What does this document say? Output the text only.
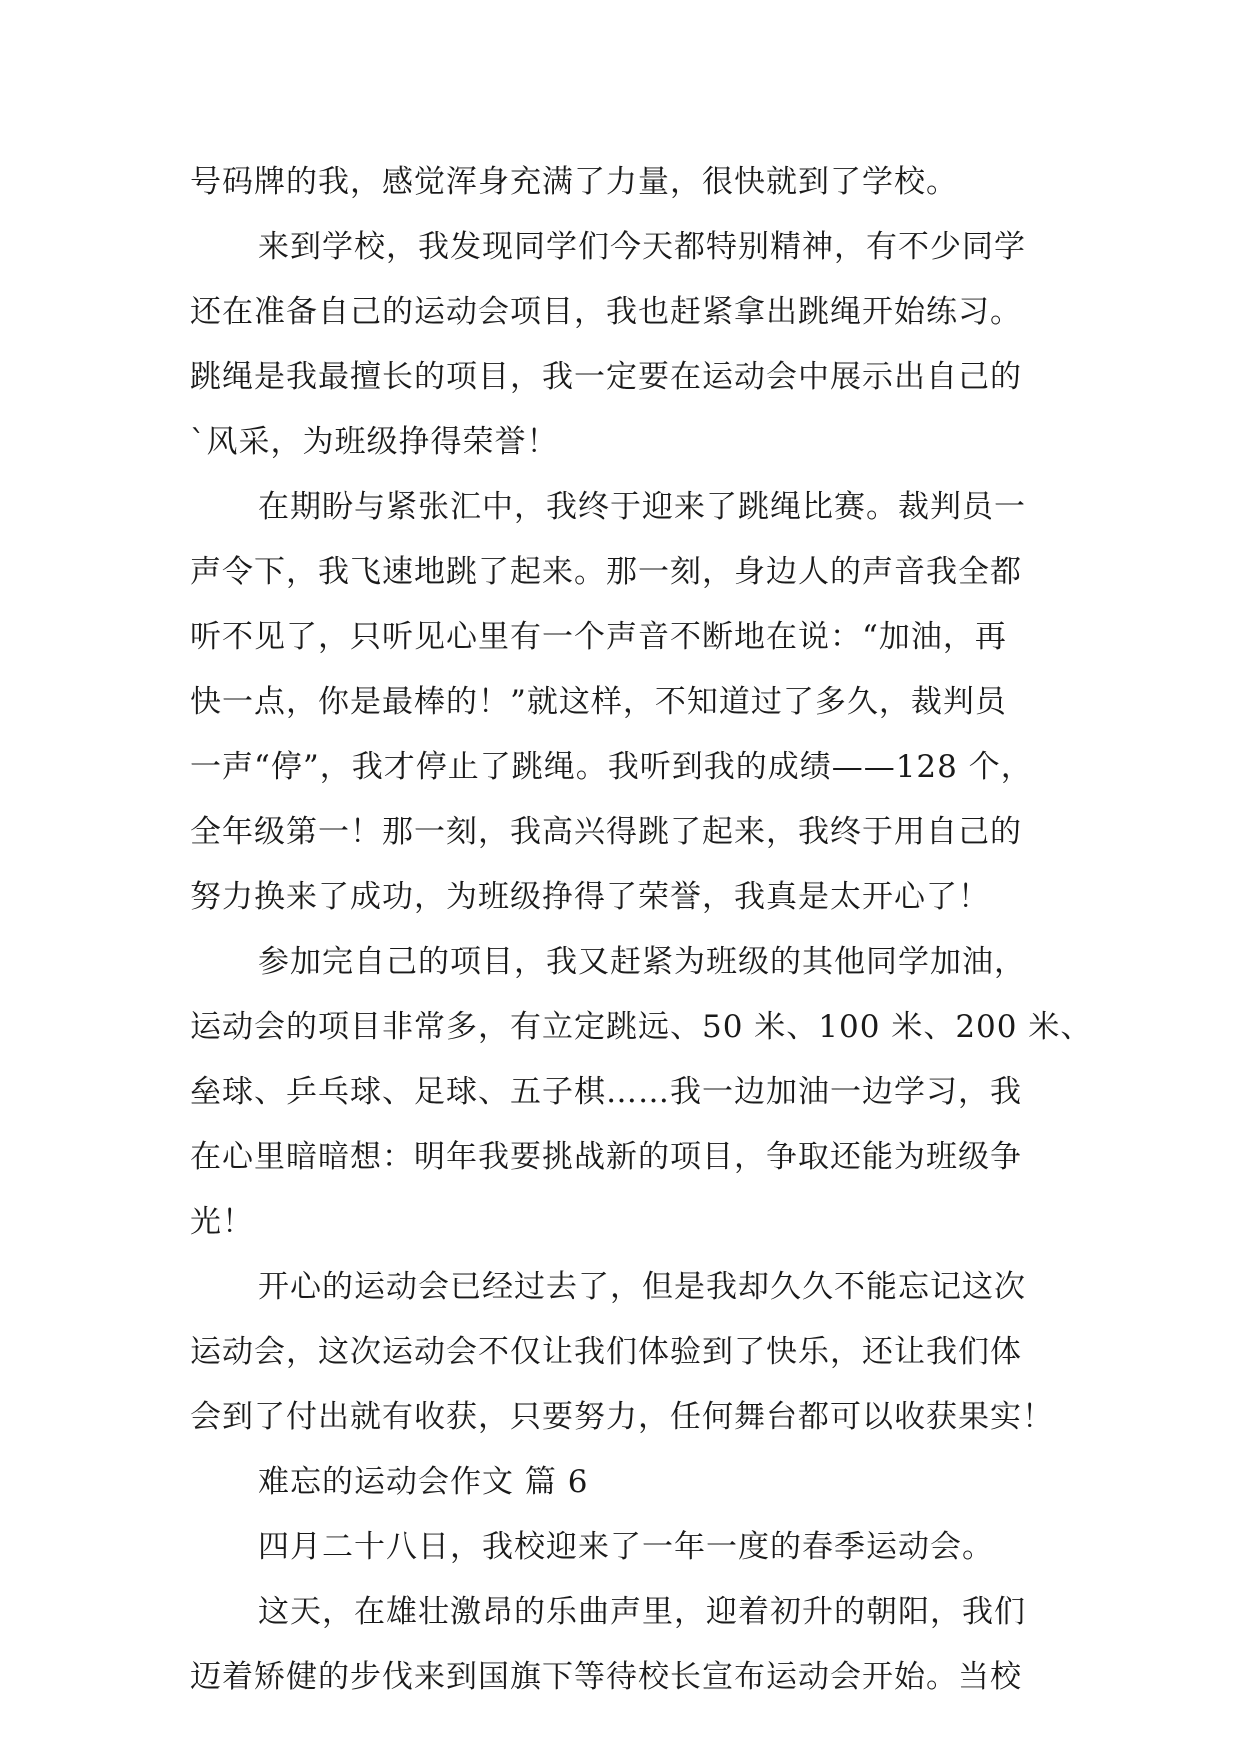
号码牌的我，感觉浑身充满了力量，很快就到了学校。
来到学校，我发现同学们今天都特别精神，有不少同学
还在准备自己的运动会项目，我也赶紧拿出跳绳开始练习。
跳绳是我最擅长的项目，我一定要在运动会中展示出自己的
`风采，为班级挣得荣誉！
在期盼与紧张汇中，我终于迎来了跳绳比赛。裁判员一
声令下，我飞速地跳了起来。那一刻，身边人的声音我全都
听不见了，只听见心里有一个声音不断地在说：“加油，再
快一点，你是最棒的！”就这样，不知道过了多久，裁判员
一声“停”，我才停止了跳绳。我听到我的成绩——128 个，
全年级第一！那一刻，我高兴得跳了起来，我终于用自己的
努力换来了成功，为班级挣得了荣誉，我真是太开心了！
参加完自己的项目，我又赶紧为班级的其他同学加油，
运动会的项目非常多，有立定跳远、50 米、100 米、200 米、
垒球、乒乓球、足球、五子棋……我一边加油一边学习，我
在心里暗暗想：明年我要挑战新的项目，争取还能为班级争
光！
开心的运动会已经过去了，但是我却久久不能忘记这次
运动会，这次运动会不仅让我们体验到了快乐，还让我们体
会到了付出就有收获，只要努力，任何舞台都可以收获果实！
难忘的运动会作文 篇 6
四月二十八日，我校迎来了一年一度的春季运动会。
这天，在雄壮激昂的乐曲声里，迎着初升的朝阳，我们
迈着矫健的步伐来到国旗下等待校长宣布运动会开始。当校
